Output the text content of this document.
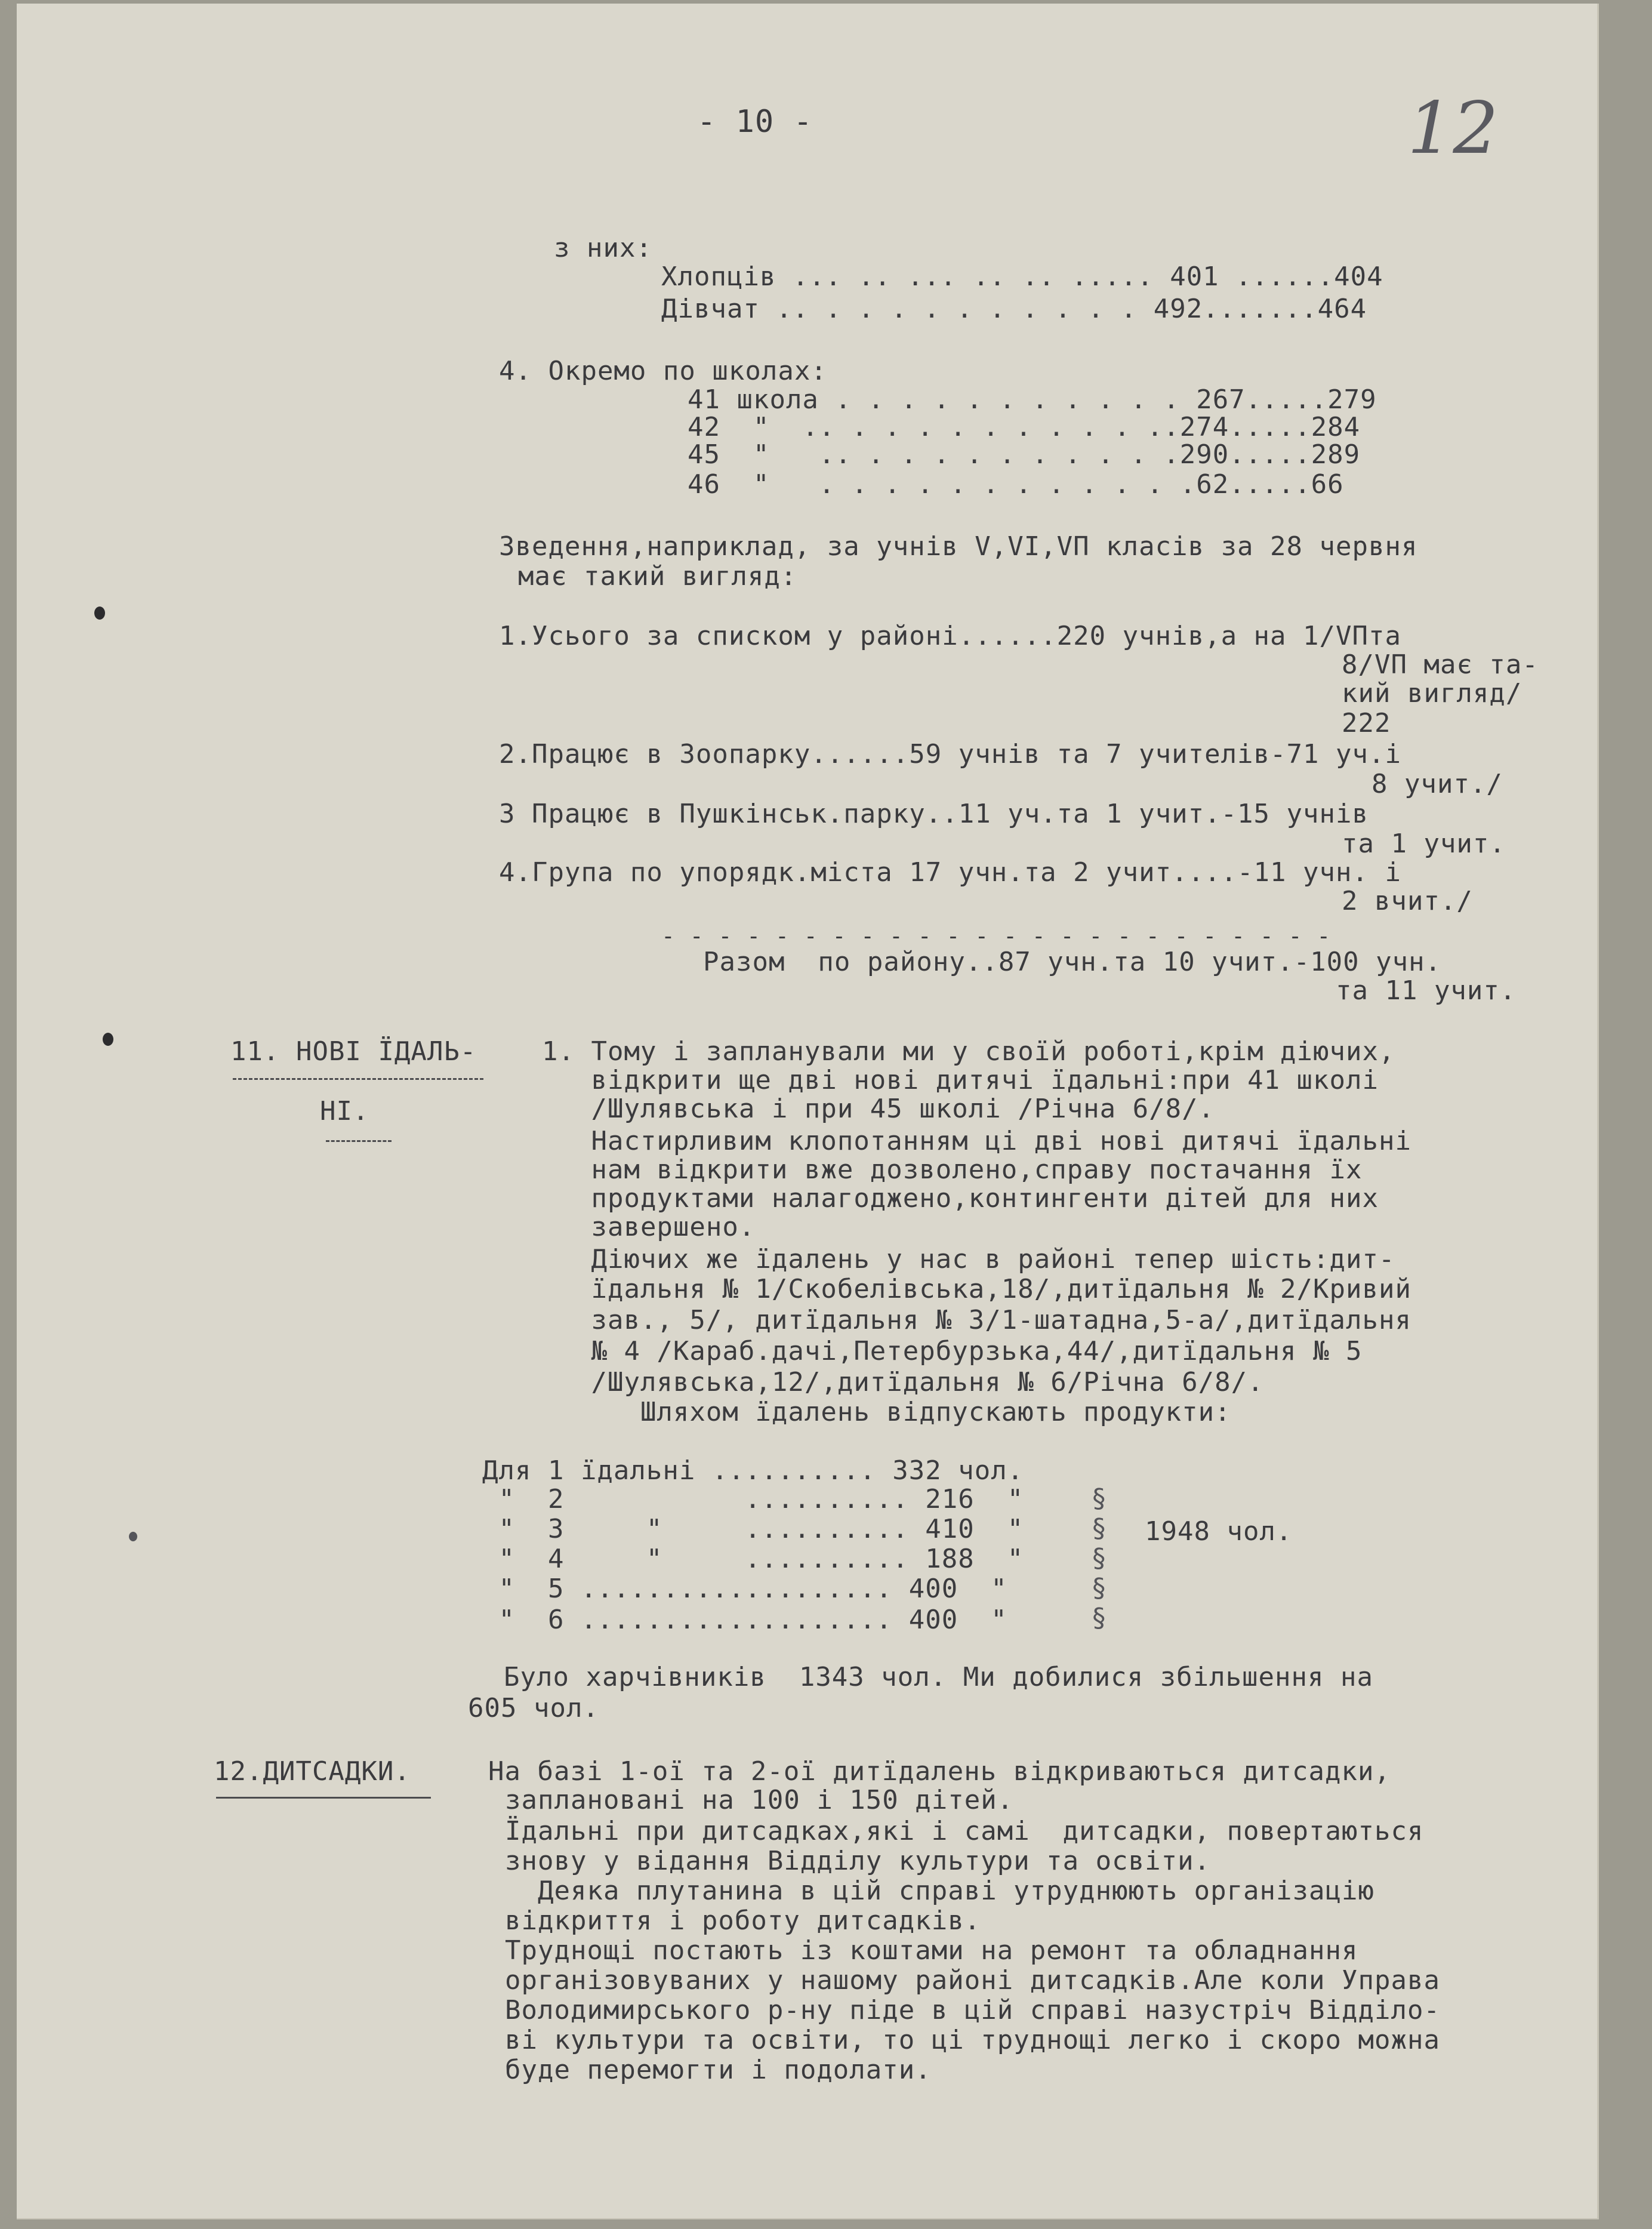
- 10 -	12
з них:
Хлопців ... .. ... .. .. ..... 401 ......404
Дівчат .. . . . . . . . . . . 492.......464
4. Окремо по школах:
41 школа . . . . . . . . . . . 267.....279
42  "  .. . . . . . . . . . ..274.....284
45  "   .. . . . . . . . . . .290.....289
46  "   . . . . . . . . . . . .62.....66
Зведення,наприклад, за учнів V,VI,VП класів за 28 червня
має такий вигляд:
1.Усього за списком у районі......220 учнів,а на 1/VПта
8/VП має та-
кий вигляд/
222
2.Працює в Зоопарку......59 учнів та 7 учителів-71 уч.і
8 учит./
3 Працює в Пушкінськ.парку..11 уч.та 1 учит.-15 учнів
та 1 учит.
4.Група по упорядк.міста 17 учн.та 2 учит....-11 учн. і
2 вчит./
- - - - - - - - - - - - - - - - - - - - - - - -
Разом  по району..87 учн.та 10 учит.-100 учн.
та 11 учит.
11. НОВІ ЇДАЛЬ-
НІ.
1. Тому і запланували ми у своїй роботі,крім діючих,
відкрити ще дві нові дитячі їдальні:при 41 школі
/Шулявська і при 45 школі /Річна 6/8/.
Настирливим клопотанням ці дві нові дитячі їдальні
нам відкрити вже дозволено,справу постачання їх
продуктами налагоджено,контингенти дітей для них
завершено.
Діючих же їдалень у нас в районі тепер шість:дит-
їдальня № 1/Скобелівська,18/,дитїдальня № 2/Кривий
зав., 5/, дитїдальня № 3/1-шатадна,5-а/,дитїдальня
№ 4 /Караб.дачі,Петербурзька,44/,дитїдальня № 5
/Шулявська,12/,дитїдальня № 6/Річна 6/8/.
Шляхом їдалень відпускають продукти:
Для 1 їдальні .......... 332 чол.
"  2           .......... 216  "
"  3     "     .......... 410  "
"  4     "     .......... 188  "
"  5 ................... 400  "
"  6 ................... 400  "
§
§
§
§
§
1948 чол.
Було харчівників  1343 чол. Ми добилися збільшення на
605 чол.
12.ДИТСАДКИ.	На базі 1-ої та 2-ої дитїдалень відкриваються дитсадки,
заплановані на 100 і 150 дітей.
Їдальні при дитсадках,які і самі  дитсадки, повертаються
знову у відання Відділу культури та освіти.
Деяка плутанина в цій справі утруднюють організацію
відкриття і роботу дитсадків.
Труднощі постають із коштами на ремонт та обладнання
організовуваних у нашому районі дитсадків.Але коли Управа
Володимирського р-ну піде в цій справі назустріч Відділо-
ві культури та освіти, то ці труднощі легко і скоро можна
буде перемогти і подолати.
